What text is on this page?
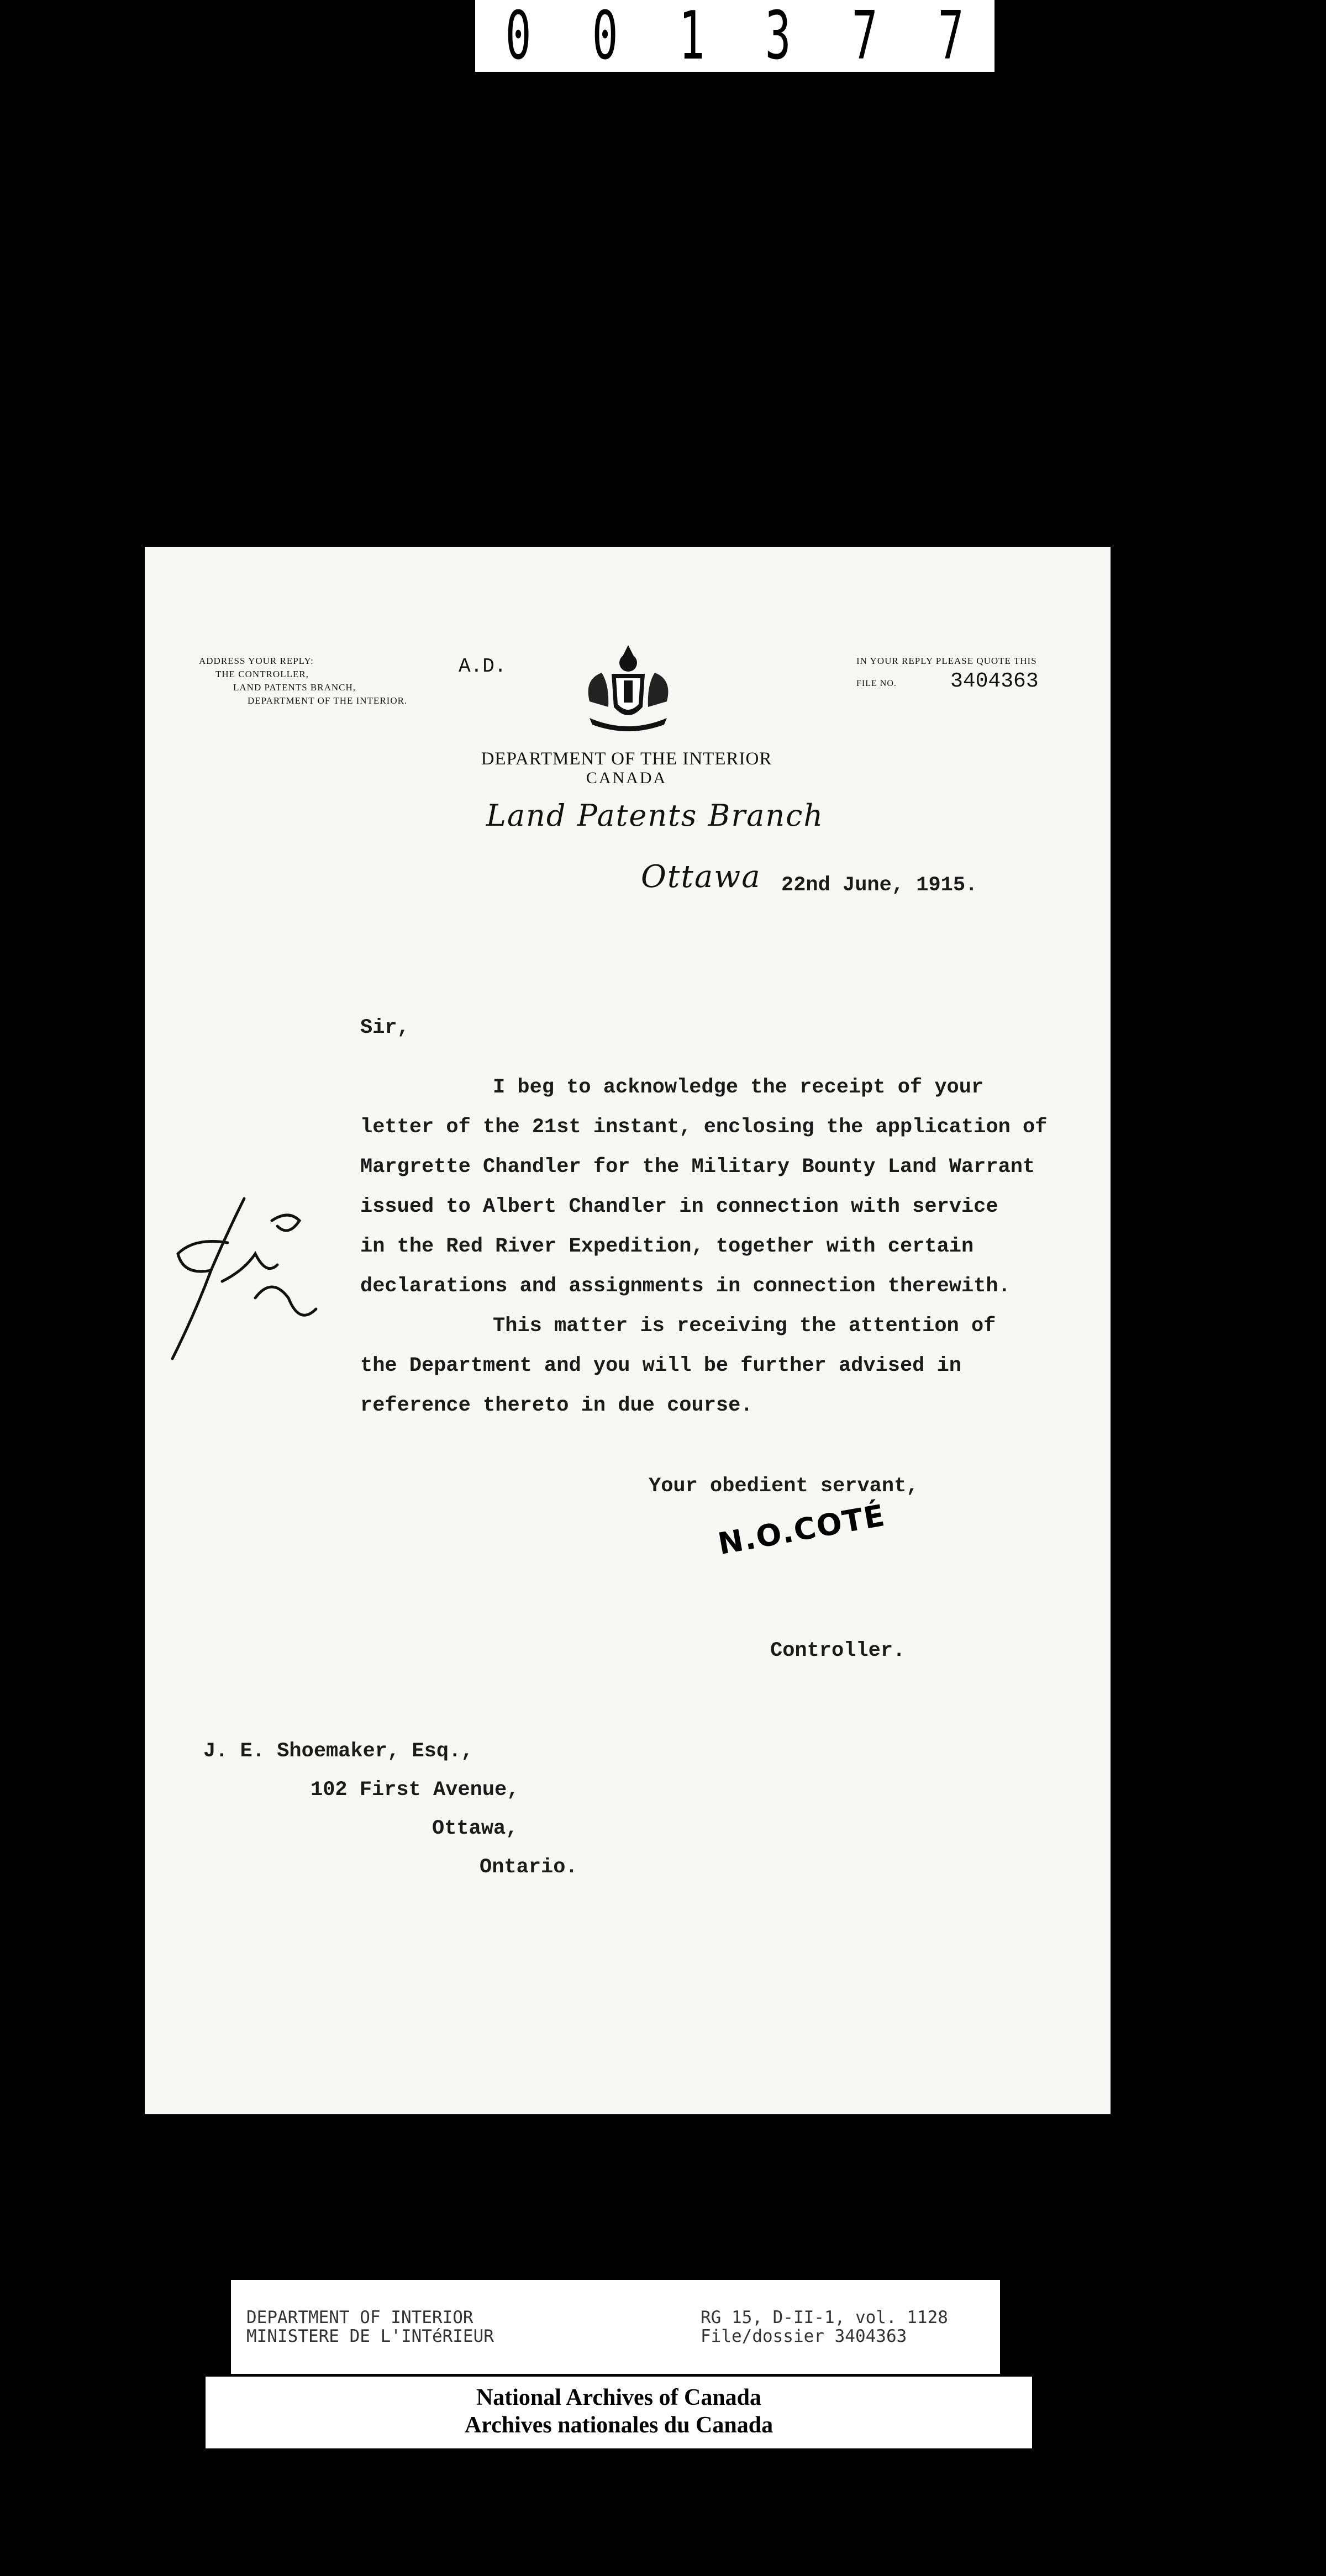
0 0 1 3 7 7
ADDRESS YOUR REPLY:
THE CONTROLLER,
LAND PATENTS BRANCH,
DEPARTMENT OF THE INTERIOR.
A.D.	IN YOUR REPLY PLEASE QUOTE THIS
FILE NO.	3404363
DEPARTMENT OF THE INTERIOR
CANADA
Land Patents Branch
Ottawa 22nd June, 1915.
Sir,
I beg to acknowledge the receipt of your
letter of the 21st instant, enclosing the application of
Margrette Chandler for the Military Bounty Land Warrant
issued to Albert Chandler in connection with service
in the Red River Expedition, together with certain
declarations and assignments in connection therewith.
This matter is receiving the attention of
the Department and you will be further advised in
reference thereto in due course.
Your obedient servant,
N.O.COTÉ
Controller.
J. E. Shoemaker, Esq.,
102 First Avenue,
Ottawa,
Ontario.
DEPARTMENT OF INTERIOR
MINISTERE DE L'INTéRIEUR
RG 15, D-II-1, vol. 1128
File/dossier 3404363
National Archives of Canada
Archives nationales du Canada
